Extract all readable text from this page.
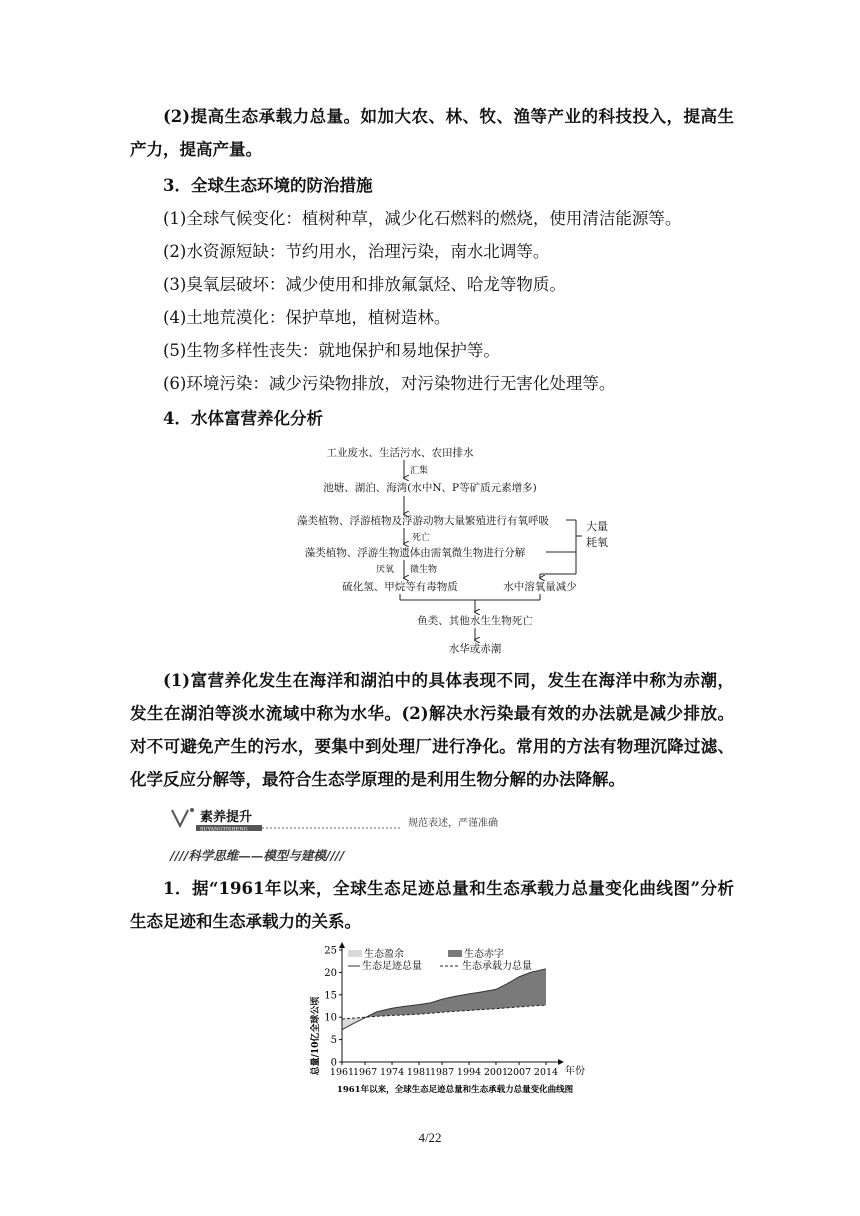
(2)提高生态承载力总量。如加大农、林、牧、渔等产业的科技投入，提高生产力，提高产量。

3．全球生态环境的防治措施
(1)全球气候变化：植树种草，减少化石燃料的燃烧，使用清洁能源等。
(2)水资源短缺：节约用水，治理污染，南水北调等。
(3)臭氧层破坏：减少使用和排放氟氯烃、哈龙等物质。
(4)土地荒漠化：保护草地，植树造林。
(5)生物多样性丧失：就地保护和易地保护等。
(6)环境污染：减少污染物排放，对污染物进行无害化处理等。
4．水体富营养化分析
工业废水、生活污水、农田排水
汇集
池塘、湖泊、海湾(水中N、P等矿质元素增多)
藻类植物、浮游植物及浮游动物大量繁殖进行有氧呼吸
死亡
藻类植物、浮游生物遗体由需氧微生物进行分解
大量
耗氧
厌氧 微生物
硫化氢、甲烷等有毒物质	水中溶氧量减少
鱼类、其他水生生物死亡
水华或赤潮

(1)富营养化发生在海洋和湖泊中的具体表现不同，发生在海洋中称为赤潮，发生在湖泊等淡水流域中称为水华。(2)解决水污染最有效的办法就是减少排放。对不可避免产生的污水，要集中到处理厂进行净化。常用的方法有物理沉降过滤、化学反应分解等，最符合生态学原理的是利用生物分解的办法降解。

素养提升
SUYANGTISHENG
规范表述，严谨准确
////科学思维——模型与建模////

1．据“1961年以来，全球生态足迹总量和生态承载力总量变化曲线图”分析生态足迹和生态承载力的关系。

0
5
10
15
20
25
1961
1967 1974 1981
1987 1994 2001
2007 2014
生态盈余	生态赤字
生态足迹总量	生态承载力总量
总量/10亿全球公顷	年份
1961年以来，全球生态足迹总量和生态承载力总量变化曲线图
4/22
